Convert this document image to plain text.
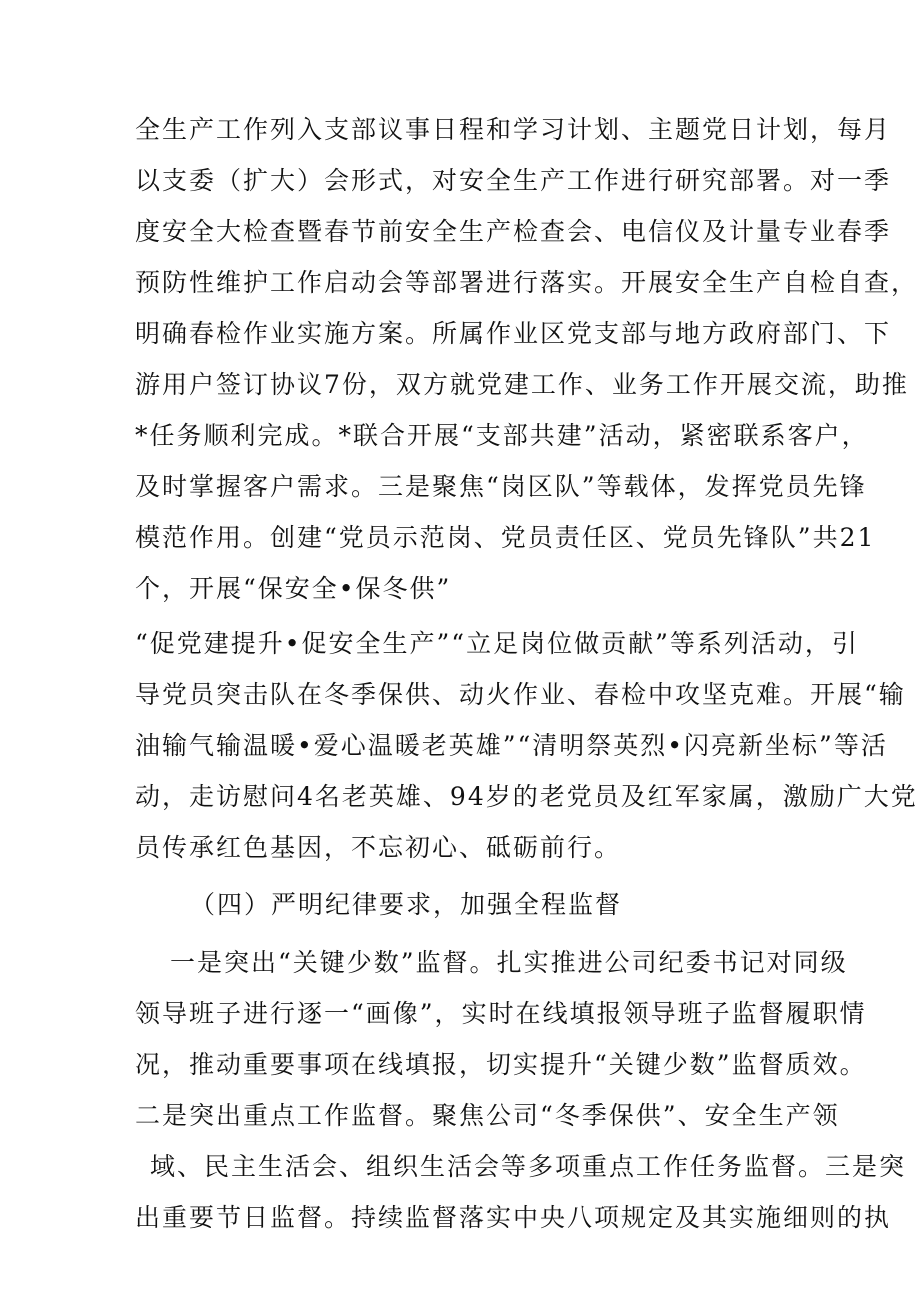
全生产工作列入支部议事日程和学习计划、主题党日计划，每月
以支委（扩大）会形式，对安全生产工作进行研究部署。对一季
度安全大检查暨春节前安全生产检查会、电信仪及计量专业春季
预防性维护工作启动会等部署进行落实。开展安全生产自检自查，
明确春检作业实施方案。所属作业区党支部与地方政府部门、下
游用户签订协议7份，双方就党建工作、业务工作开展交流，助推
*任务顺利完成。*联合开展“支部共建”活动，紧密联系客户，
及时掌握客户需求。三是聚焦“岗区队”等载体，发挥党员先锋
模范作用。创建“党员示范岗、党员责任区、党员先锋队”共21
个，开展“保安全•保冬供”
“促党建提升•促安全生产”“立足岗位做贡献”等系列活动，引
导党员突击队在冬季保供、动火作业、春检中攻坚克难。开展“输
油输气输温暖•爱心温暖老英雄”“清明祭英烈•闪亮新坐标”等活
动，走访慰问4名老英雄、94岁的老党员及红军家属，激励广大党
员传承红色基因，不忘初心、砥砺前行。
（四）严明纪律要求，加强全程监督
一是突出“关键少数”监督。扎实推进公司纪委书记对同级
领导班子进行逐一“画像”，实时在线填报领导班子监督履职情
况，推动重要事项在线填报，切实提升“关键少数”监督质效。
二是突出重点工作监督。聚焦公司“冬季保供”、安全生产领
域、民主生活会、组织生活会等多项重点工作任务监督。三是突
出重要节日监督。持续监督落实中央八项规定及其实施细则的执
